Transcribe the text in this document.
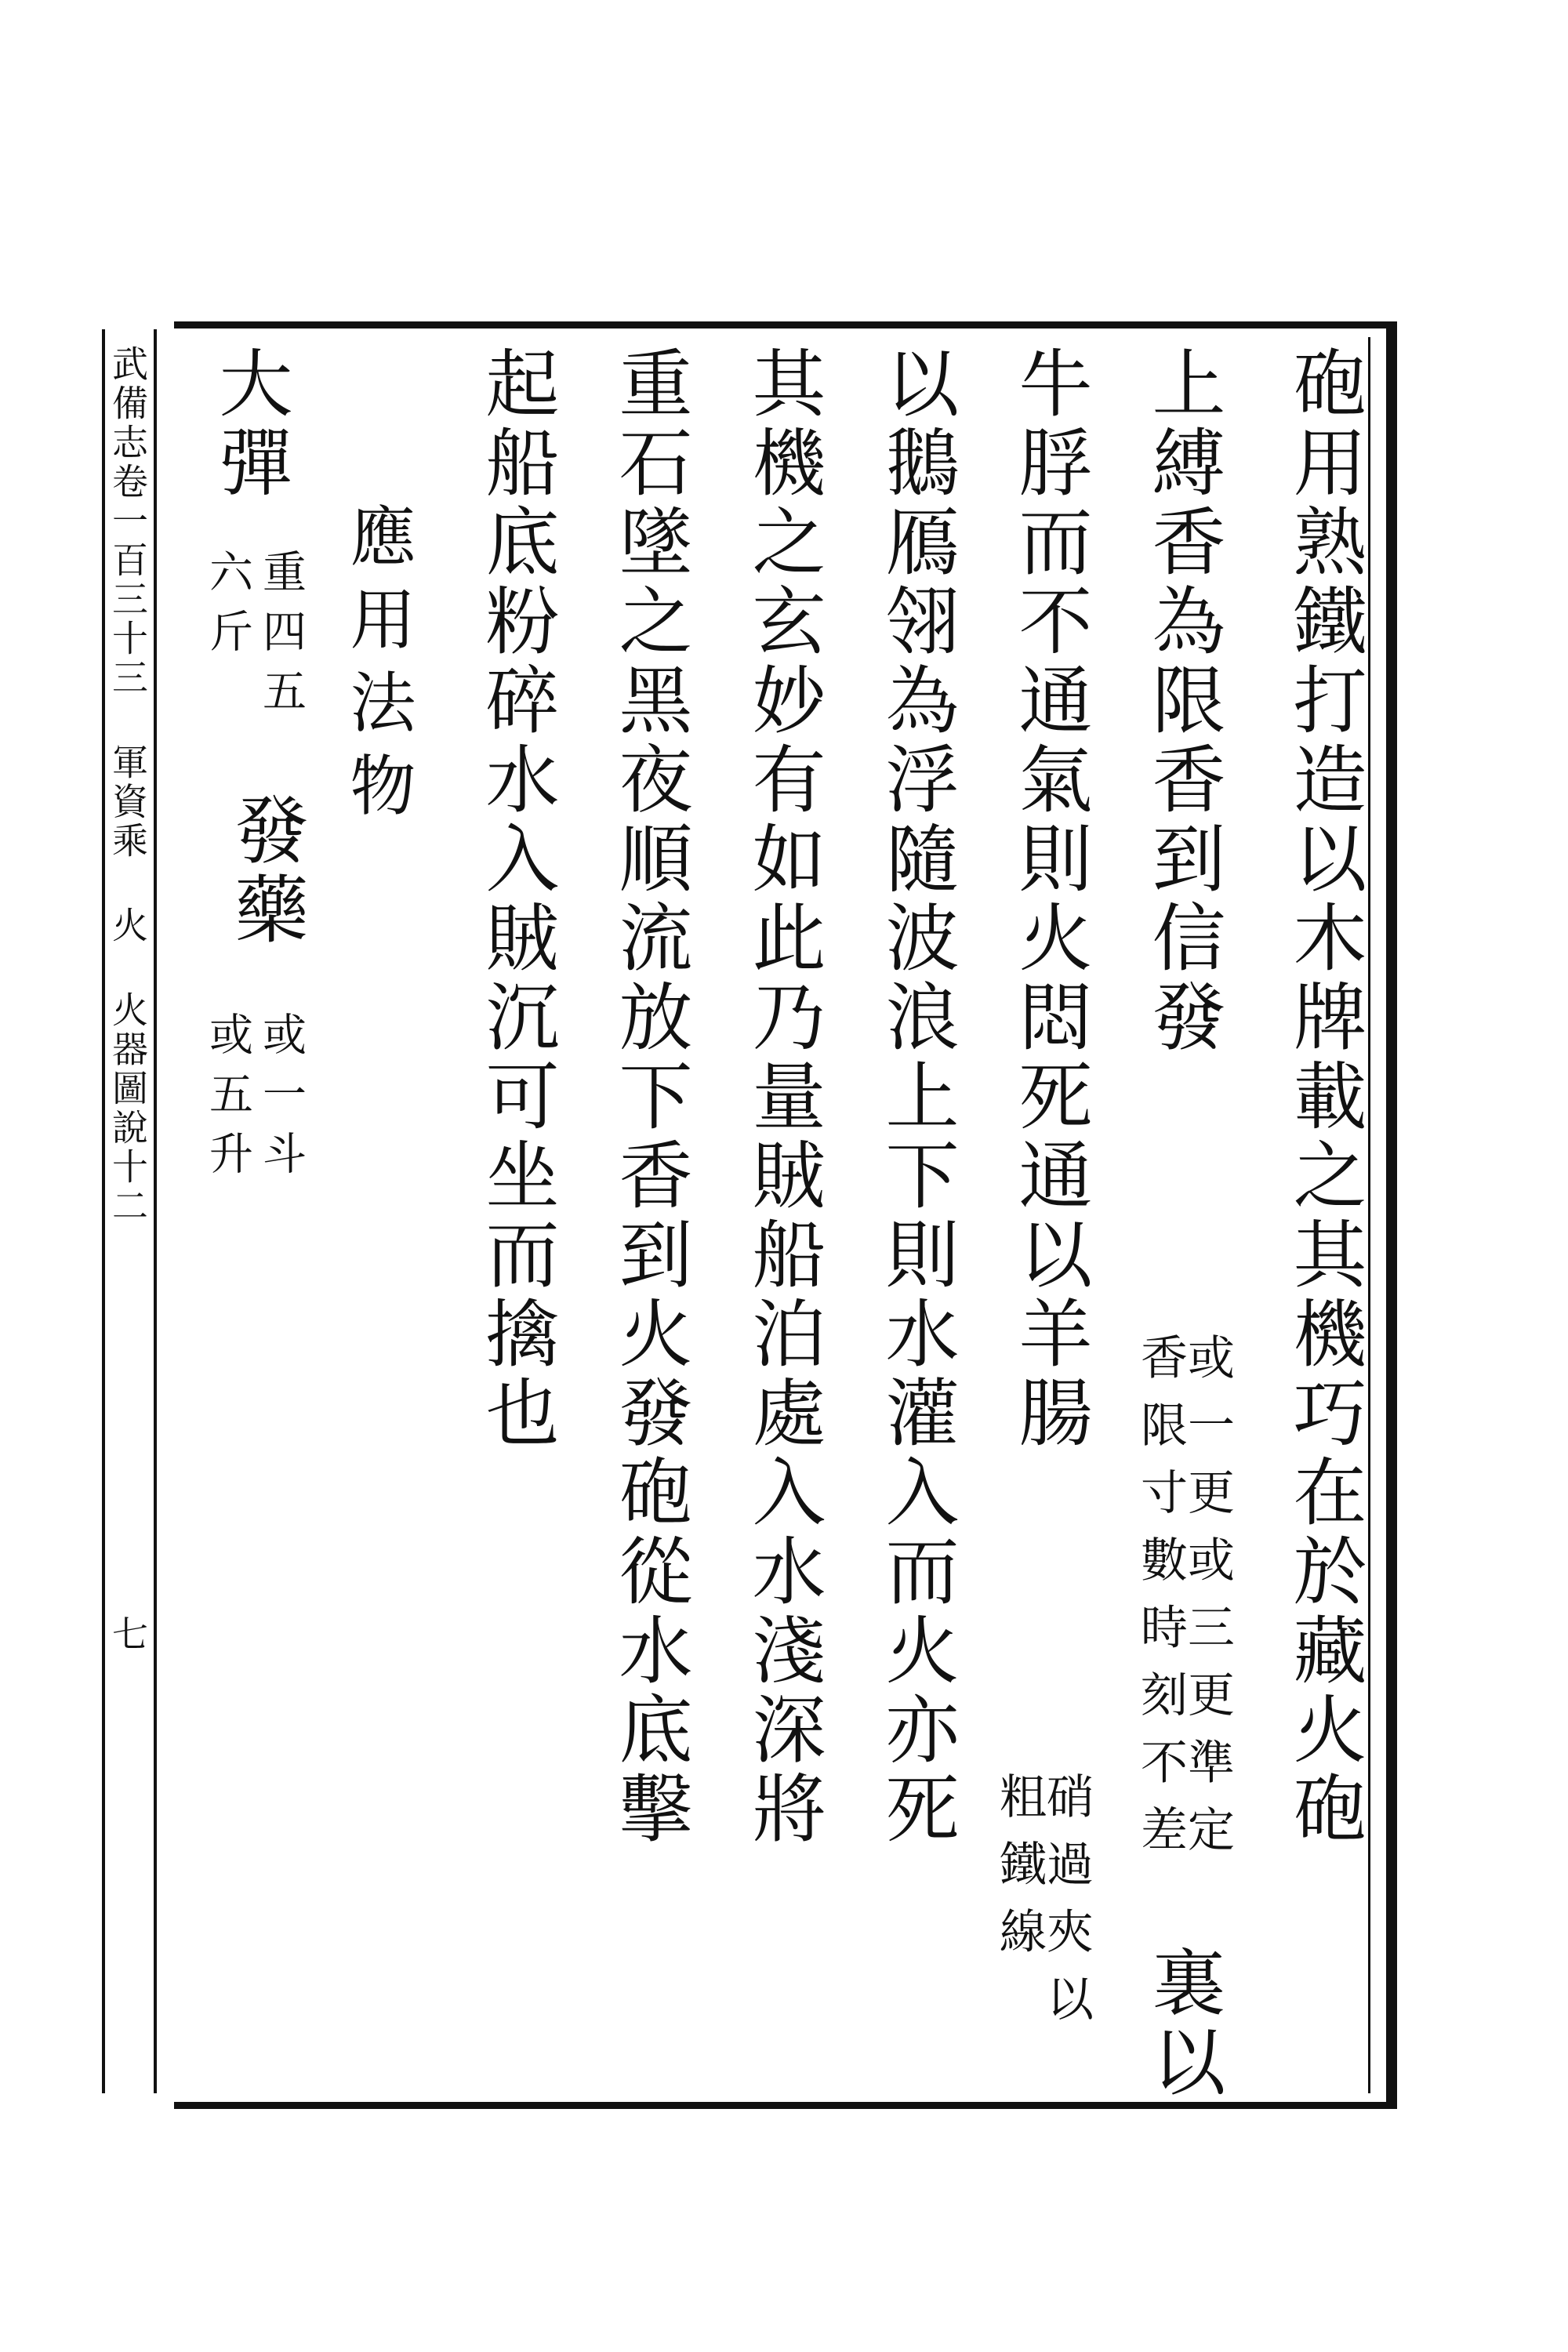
砲用熟鐵打造以木牌載之其機巧在於藏火砲
上縛香為限香到信發
或一更或三更準定
香限寸數時刻不差
裏以
牛脬而不通氣則火悶死通以羊腸
硝過夾以
粗鐵線
以鵝鴈翎為浮隨波浪上下則水灌入而火亦死
其機之玄妙有如此乃量賊船泊處入水淺深將
重石墜之黑夜順流放下香到火發砲從水底擊
起船底粉碎水入賊沉可坐而擒也
應用法物
大彈
重四五
六斤
發藥
或一斗
或五升
武備志卷一百三十三 軍資乘 火 火器圖說十二
七
